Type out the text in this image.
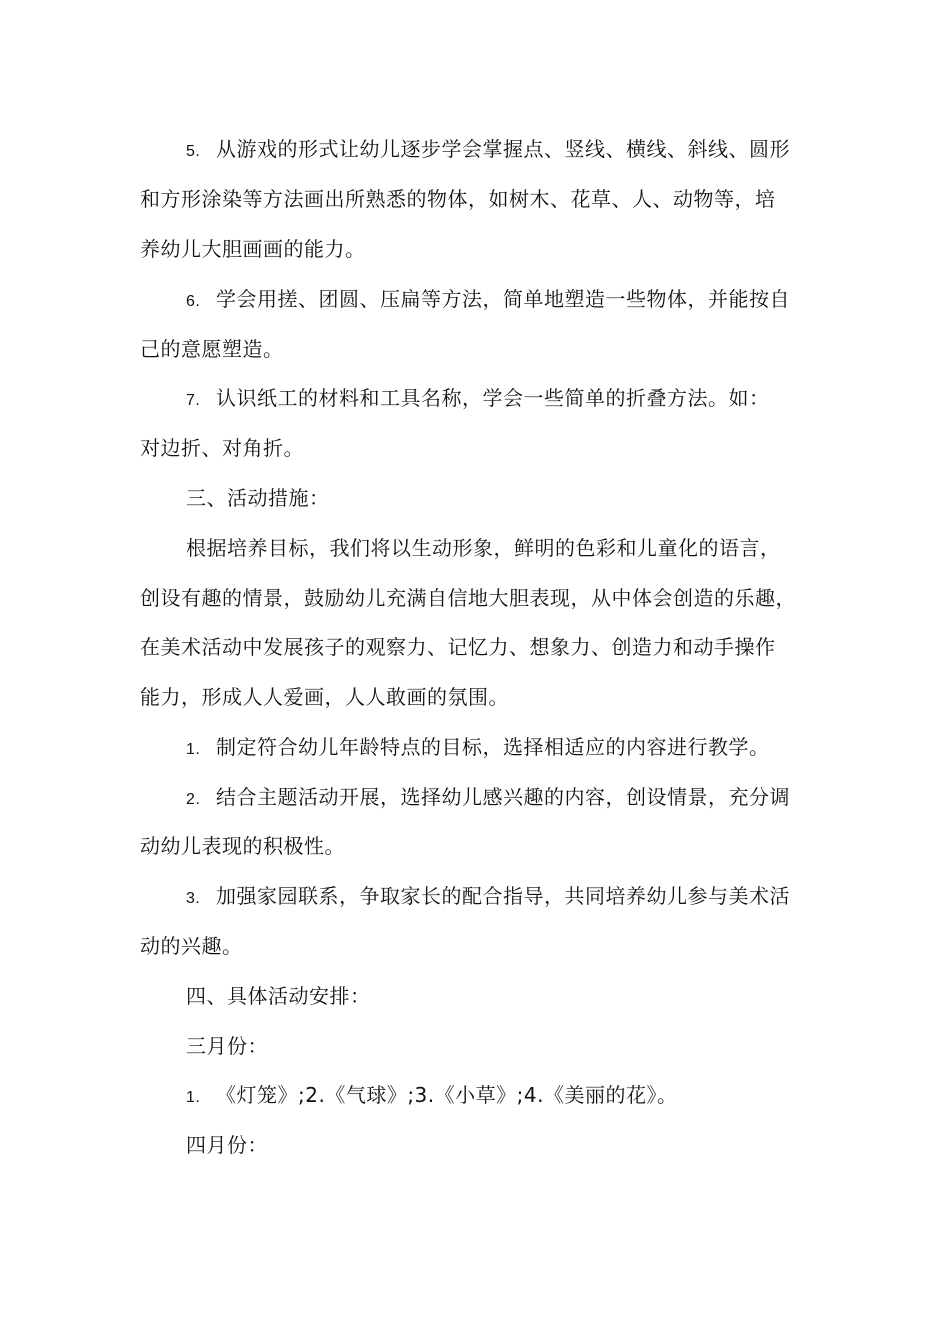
5. 从游戏的形式让幼儿逐步学会掌握点、竖线、横线、斜线、圆形
和方形涂染等方法画出所熟悉的物体，如树木、花草、人、动物等，培
养幼儿大胆画画的能力。
6. 学会用搓、团圆、压扁等方法，简单地塑造一些物体，并能按自
己的意愿塑造。
7. 认识纸工的材料和工具名称，学会一些简单的折叠方法。如：
对边折、对角折。
三、活动措施：
根据培养目标，我们将以生动形象，鲜明的色彩和儿童化的语言，
创设有趣的情景，鼓励幼儿充满自信地大胆表现，从中体会创造的乐趣，
在美术活动中发展孩子的观察力、记忆力、想象力、创造力和动手操作
能力，形成人人爱画，人人敢画的氛围。
1. 制定符合幼儿年龄特点的目标，选择相适应的内容进行教学。
2. 结合主题活动开展，选择幼儿感兴趣的内容，创设情景，充分调
动幼儿表现的积极性。
3. 加强家园联系，争取家长的配合指导，共同培养幼儿参与美术活
动的兴趣。
四、具体活动安排：
三月份：
1. 《灯笼》;2.《气球》;3.《小草》;4.《美丽的花》。
四月份：
